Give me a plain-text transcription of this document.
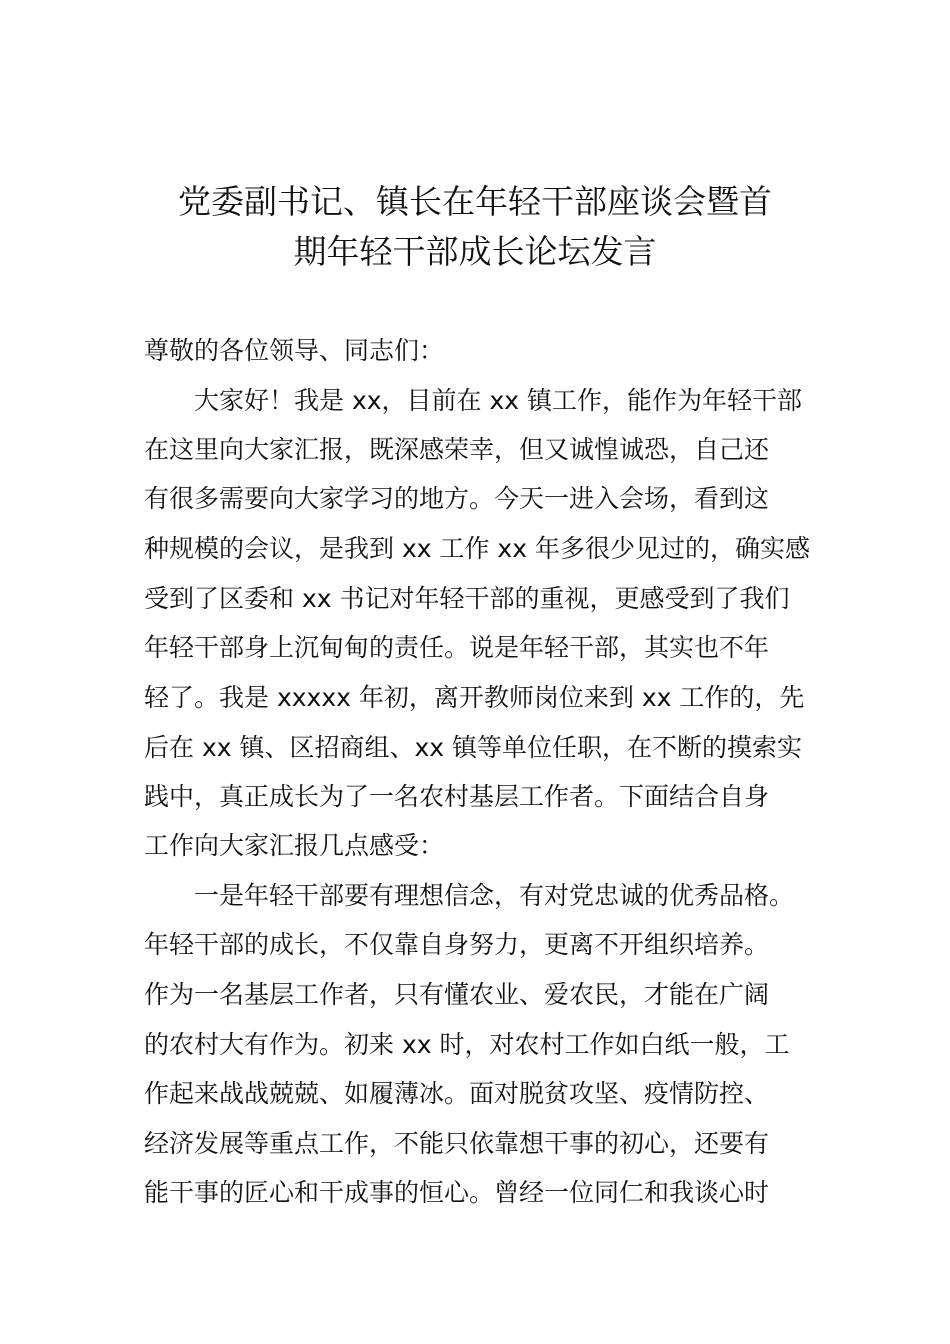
党委副书记、镇长在年轻干部座谈会暨首
期年轻干部成长论坛发言

尊敬的各位领导、同志们：

大家好！我是 xx，目前在 xx 镇工作，能作为年轻干部

在这里向大家汇报，既深感荣幸，但又诚惶诚恐，自己还

有很多需要向大家学习的地方。今天一进入会场，看到这

种规模的会议，是我到 xx 工作 xx 年多很少见过的，确实感

受到了区委和 xx 书记对年轻干部的重视，更感受到了我们

年轻干部身上沉甸甸的责任。说是年轻干部，其实也不年

轻了。我是 xxxxx 年初，离开教师岗位来到 xx 工作的，先

后在 xx 镇、区招商组、xx 镇等单位任职，在不断的摸索实

践中，真正成长为了一名农村基层工作者。下面结合自身

工作向大家汇报几点感受：

一是年轻干部要有理想信念，有对党忠诚的优秀品格。

年轻干部的成长，不仅靠自身努力，更离不开组织培养。

作为一名基层工作者，只有懂农业、爱农民，才能在广阔

的农村大有作为。初来 xx 时，对农村工作如白纸一般，工

作起来战战兢兢、如履薄冰。面对脱贫攻坚、疫情防控、

经济发展等重点工作，不能只依靠想干事的初心，还要有

能干事的匠心和干成事的恒心。曾经一位同仁和我谈心时
